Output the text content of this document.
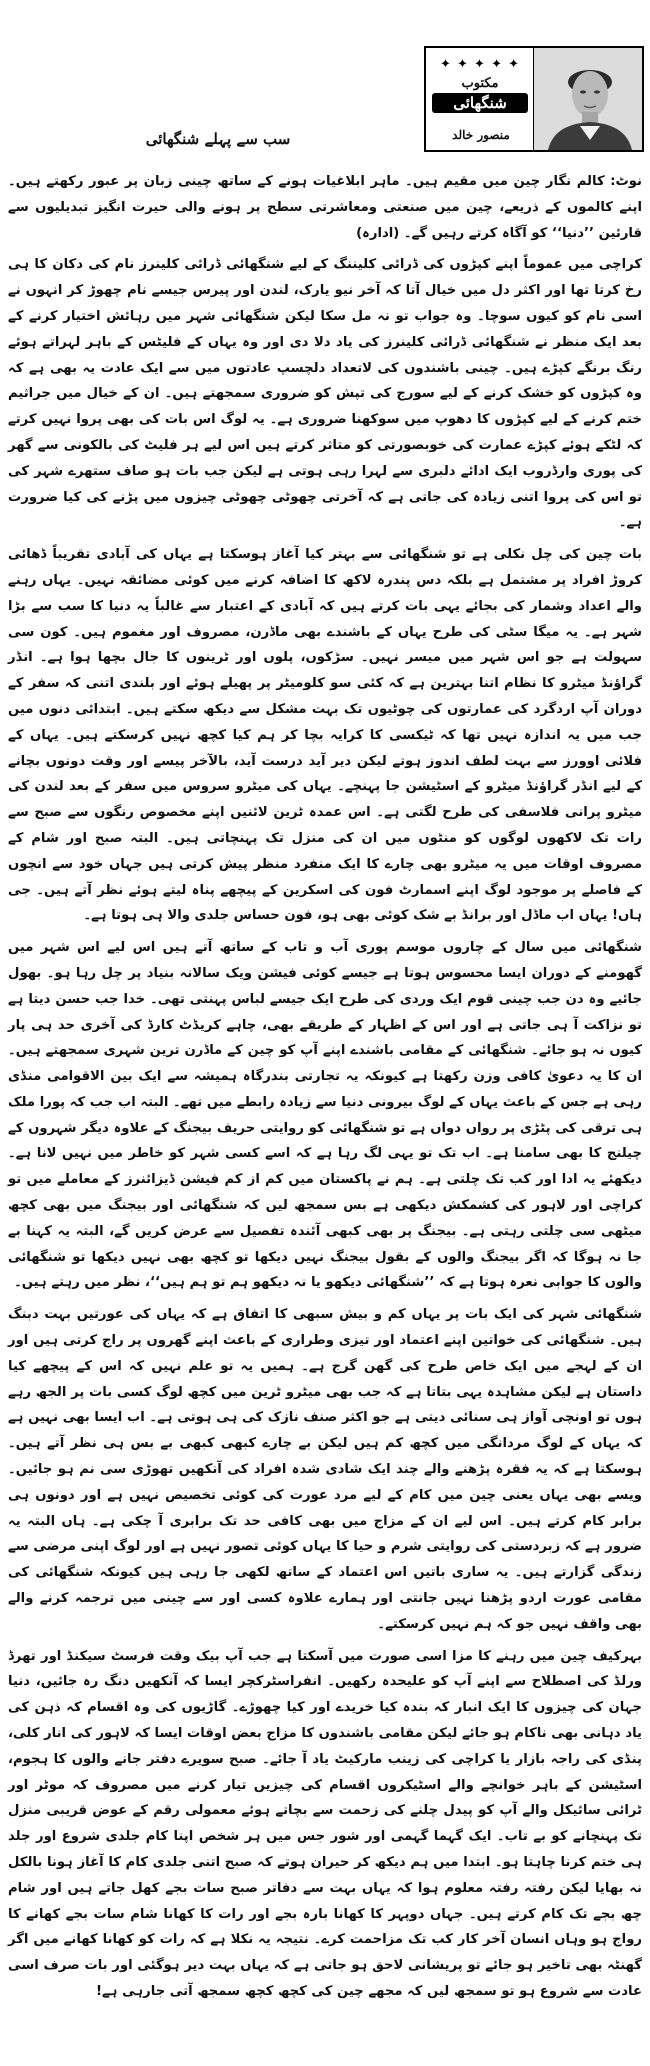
✦ ✦ ✦ ✦ ✦
مکتوب
شنگھائی
منصور خالد
سب سے پہلے شنگھائی

نوٹ: کالم نگار چین میں مقیم ہیں۔ ماہر ابلاغیات ہونے کے ساتھ چینی زبان پر عبور رکھتے ہیں۔ اپنے کالموں کے ذریعے، چین میں صنعتی ومعاشرتی سطح پر ہونے والی حیرت انگیز تبدیلیوں سے قارئین ’’دنیا‘‘ کو آگاہ کرتے رہیں گے۔ (ادارہ)

کراچی میں عموماً اپنے کپڑوں کی ڈرائی کلیننگ کے لیے شنگھائی ڈرائی کلینرز نام کی دکان کا ہی رخ کرتا تھا اور اکثر دل میں خیال آتا کہ آخر نیو یارک، لندن اور پیرس جیسے نام چھوڑ کر انہوں نے اسی نام کو کیوں سوچا۔ وہ جواب تو نہ مل سکا لیکن شنگھائی شہر میں رہائش اختیار کرنے کے بعد ایک منظر نے شنگھائی ڈرائی کلینرز کی یاد دلا دی اور وہ یہاں کے فلیٹس کے باہر لہراتے ہوئے رنگ برنگے کپڑے ہیں۔ چینی باشندوں کی لاتعداد دلچسپ عادتوں میں سے ایک عادت یہ بھی ہے کہ وہ کپڑوں کو خشک کرنے کے لیے سورج کی تپش کو ضروری سمجھتے ہیں۔ ان کے خیال میں جراثیم ختم کرنے کے لیے کپڑوں کا دھوپ میں سوکھنا ضروری ہے۔ یہ لوگ اس بات کی بھی پروا نہیں کرتے کہ لٹکے ہوئے کپڑے عمارت کی خوبصورتی کو متاثر کرتے ہیں اس لیے ہر فلیٹ کی بالکونی سے گھر کی پوری وارڈروب ایک ادائے دلبری سے لہرا رہی ہوتی ہے لیکن جب بات ہو صاف ستھرے شہر کی تو اس کی پروا اتنی زیادہ کی جاتی ہے کہ آخرتی چھوٹی چھوٹی چیزوں میں پڑنے کی کیا ضرورت ہے۔

بات چین کی چل نکلی ہے تو شنگھائی سے بہتر کیا آغاز ہوسکتا ہے یہاں کی آبادی تقریباً ڈھائی کروڑ افراد پر مشتمل ہے بلکہ دس پندرہ لاکھ کا اضافہ کرنے میں کوئی مضائقہ نہیں۔ یہاں رہنے والے اعداد وشمار کی بجائے یہی بات کرتے ہیں کہ آبادی کے اعتبار سے غالباً یہ دنیا کا سب سے بڑا شہر ہے۔ یہ میگا سٹی کی طرح یہاں کے باشندے بھی ماڈرن، مصروف اور مغموم ہیں۔ کون سی سہولت ہے جو اس شہر میں میسر نہیں۔ سڑکوں، پلوں اور ٹرینوں کا جال بچھا ہوا ہے۔ انڈر گراؤنڈ میٹرو کا نظام اتنا بہترین ہے کہ کئی سو کلومیٹر پر پھیلے ہوئے اور بلندی اتنی کہ سفر کے دوران آپ اردگرد کی عمارتوں کی چوٹیوں تک بہت مشکل سے دیکھ سکتے ہیں۔ ابتدائی دنوں میں جب میں یہ اندازہ نہیں تھا کہ ٹیکسی کا کرایہ بچا کر ہم کیا کچھ نہیں کرسکتے ہیں۔ یہاں کے فلائی اوورز سے بہت لطف اندوز ہوتے لیکن دیر آید درست آید، بالآخر پیسے اور وقت دونوں بچانے کے لیے انڈر گراؤنڈ میٹرو کے اسٹیشن جا پہنچے۔ یہاں کی میٹرو سروس میں سفر کے بعد لندن کی میٹرو پرانی فلاسفی کی طرح لگتی ہے۔ اس عمدہ ٹرین لائنیں اپنے مخصوص رنگوں سے صبح سے رات تک لاکھوں لوگوں کو منٹوں میں ان کی منزل تک پہنچاتی ہیں۔ البتہ صبح اور شام کے مصروف اوقات میں یہ میٹرو بھی چارے کا ایک منفرد منظر پیش کرتی ہیں جہاں خود سے انچوں کے فاصلے پر موجود لوگ اپنے اسمارٹ فون کی اسکرین کے پیچھے پناہ لیتے ہوئے نظر آتے ہیں۔ جی ہاں! یہاں اب ماڈل اور برانڈ بے شک کوئی بھی ہو، فون حساس جلدی والا ہی ہوتا ہے۔

شنگھائی میں سال کے چاروں موسم پوری آب و تاب کے ساتھ آتے ہیں اس لیے اس شہر میں گھومنے کے دوران ایسا محسوس ہوتا ہے جیسے کوئی فیشن ویک سالانہ بنیاد پر چل رہا ہو۔ بھول جائیے وہ دن جب چینی قوم ایک وردی کی طرح ایک جیسے لباس پہنتی تھی۔ خدا جب حسن دیتا ہے تو نزاکت آ ہی جاتی ہے اور اس کے اظہار کے طریقے بھی، چاہے کریڈٹ کارڈ کی آخری حد ہی پار کیوں نہ ہو جائے۔ شنگھائی کے مقامی باشندے اپنے آپ کو چین کے ماڈرن ترین شہری سمجھتے ہیں۔ ان کا یہ دعویٰ کافی وزن رکھتا ہے کیونکہ یہ تجارتی بندرگاہ ہمیشہ سے ایک بین الاقوامی منڈی رہی ہے جس کے باعث یہاں کے لوگ بیرونی دنیا سے زیادہ رابطے میں تھے۔ البتہ اب جب کہ پورا ملک ہی ترقی کی پٹڑی پر رواں دواں ہے تو شنگھائی کو روایتی حریف بیجنگ کے علاوہ دیگر شہروں کے چیلنج کا بھی سامنا ہے۔ اب تک تو یہی لگ رہا ہے کہ اسے کسی شہر کو خاطر میں نہیں لانا ہے۔ دیکھئے یہ ادا اور کب تک چلتی ہے۔ ہم نے پاکستان میں کم از کم فیشن ڈیزائنرز کے معاملے میں تو کراچی اور لاہور کی کشمکش دیکھی ہے بس سمجھ لیں کہ شنگھائی اور بیجنگ میں بھی کچھ میٹھی سی چلتی رہتی ہے۔ بیجنگ پر بھی کبھی آئندہ تفصیل سے عرض کریں گے، البتہ یہ کہنا بے جا نہ ہوگا کہ اگر بیجنگ والوں کے بقول بیجنگ نہیں دیکھا تو کچھ بھی نہیں دیکھا تو شنگھائی والوں کا جوابی نعرہ ہوتا ہے کہ ’’شنگھائی دیکھو یا نہ دیکھو ہم تو ہم ہیں‘‘، نظر میں رہتے ہیں۔

شنگھائی شہر کی ایک بات پر یہاں کم و بیش سبھی کا اتفاق ہے کہ یہاں کی عورتیں بہت دبنگ ہیں۔ شنگھائی کی خواتین اپنے اعتماد اور تیزی وطراری کے باعث اپنے گھروں پر راج کرتی ہیں اور ان کے لہجے میں ایک خاص طرح کی گھن گرج ہے۔ ہمیں یہ تو علم نہیں کہ اس کے پیچھے کیا داستان ہے لیکن مشاہدہ یہی بتاتا ہے کہ جب بھی میٹرو ٹرین میں کچھ لوگ کسی بات پر الجھ رہے ہوں تو اونچی آواز ہی سنائی دیتی ہے جو اکثر صنف نازک کی ہی ہوتی ہے۔ اب ایسا بھی نہیں ہے کہ یہاں کے لوگ مردانگی میں کچھ کم ہیں لیکن بے چارے کبھی کبھی بے بس ہی نظر آتے ہیں۔ ہوسکتا ہے کہ یہ فقرہ پڑھنے والے چند ایک شادی شدہ افراد کی آنکھیں تھوڑی سی نم ہو جائیں۔ ویسے بھی یہاں یعنی چین میں کام کے لیے مرد عورت کی کوئی تخصیص نہیں ہے اور دونوں ہی برابر کام کرتے ہیں۔ اس لیے ان کے مزاج میں بھی کافی حد تک برابری آ چکی ہے۔ ہاں البتہ یہ ضرور ہے کہ زبردستی کی روایتی شرم و حیا کا یہاں کوئی تصور نہیں ہے اور لوگ اپنی مرضی سے زندگی گزارتے ہیں۔ یہ ساری باتیں اس اعتماد کے ساتھ لکھی جا رہی ہیں کیونکہ شنگھائی کی مقامی عورت اردو پڑھنا نہیں جانتی اور ہمارے علاوہ کسی اور سے چینی میں ترجمہ کرنے والے بھی واقف نہیں جو کہ ہم نہیں کرسکتے۔

بہرکیف چین میں رہنے کا مزا اسی صورت میں آسکتا ہے جب آپ بیک وقت فرسٹ سیکنڈ اور تھرڈ ورلڈ کی اصطلاح سے اپنے آپ کو علیحدہ رکھیں۔ انفراسٹرکچر ایسا کہ آنکھیں دنگ رہ جائیں، دنیا جہان کی چیزوں کا ایک انبار کہ بندہ کیا خریدے اور کیا چھوڑے۔ گاڑیوں کی وہ اقسام کہ ذہن کی یاد دہانی بھی ناکام ہو جائے لیکن مقامی باشندوں کا مزاج بعض اوقات ایسا کہ لاہور کی انار کلی، پنڈی کی راجہ بازار یا کراچی کی زینب مارکیٹ یاد آ جائے۔ صبح سویرے دفتر جانے والوں کا ہجوم، اسٹیشن کے باہر خوانچے والے اسٹیکروں اقسام کی چیزیں تیار کرنے میں مصروف کہ موٹر اور ٹرائی سائیکل والے آپ کو پیدل چلنے کی زحمت سے بچاتے ہوئے معمولی رقم کے عوض قریبی منزل تک پہنچانے کو بے تاب۔ ایک گہما گہمی اور شور جس میں ہر شخص اپنا کام جلدی شروع اور جلد ہی ختم کرنا چاہتا ہو۔ ابتدا میں ہم دیکھ کر حیران ہوتے کہ صبح اتنی جلدی کام کا آغاز ہونا بالکل نہ بھایا لیکن رفتہ رفتہ معلوم ہوا کہ یہاں بہت سے دفاتر صبح سات بجے کھل جاتے ہیں اور شام چھ بجے تک کام کرتے ہیں۔ جہاں دوپہر کا کھانا بارہ بجے اور رات کا کھانا شام سات بجے کھانے کا رواج ہو وہاں انسان آخر کار کب تک مزاحمت کرے۔ نتیجہ یہ نکلا ہے کہ رات کو کھانا کھانے میں اگر گھنٹہ بھی تاخیر ہو جائے تو پریشانی لاحق ہو جاتی ہے کہ یہاں بہت دیر ہوگئی اور بات صرف اسی عادت سے شروع ہو تو سمجھ لیں کہ مجھے چین کی کچھ کچھ سمجھ آتی جارہی ہے!
